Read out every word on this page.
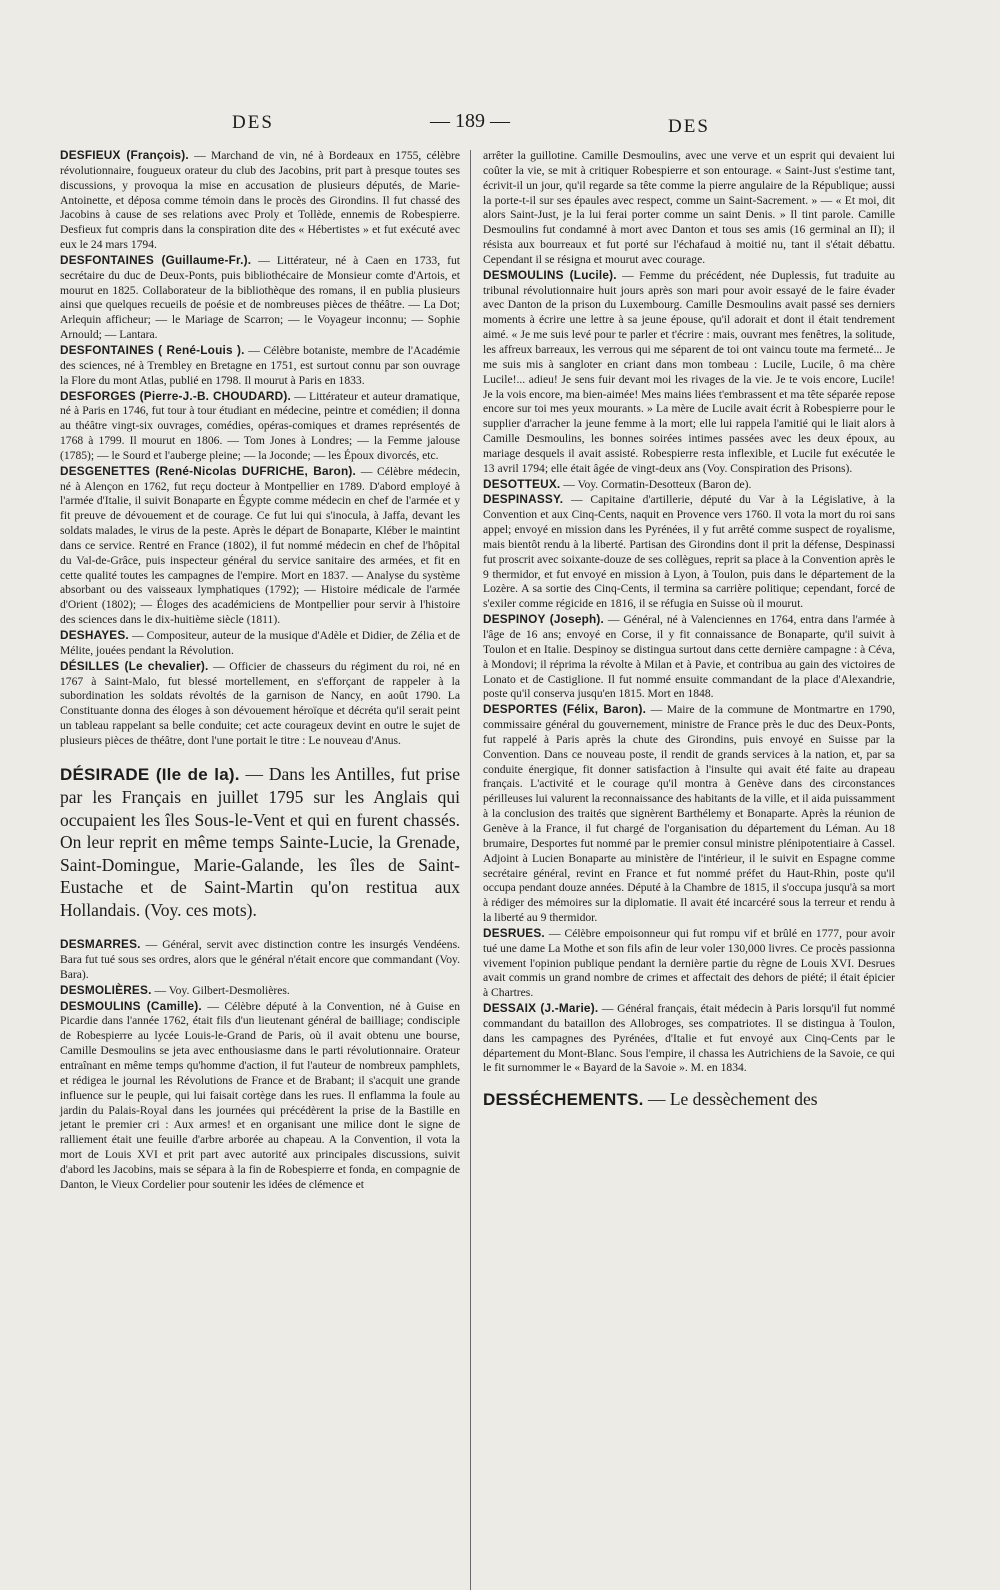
DES	— 189 —	DES

DESFIEUX (François). — Marchand de vin, né à Bordeaux en 1755, célèbre révolutionnaire, fougueux orateur du club des Jacobins, prit part à presque toutes ses discussions, y provoqua la mise en accusation de plusieurs députés, de Marie-Antoinette, et déposa comme témoin dans le procès des Girondins. Il fut chassé des Jacobins à cause de ses relations avec Proly et Tollède, ennemis de Robespierre. Desfieux fut compris dans la conspiration dite des « Hébertistes » et fut exécuté avec eux le 24 mars 1794.

DESFONTAINES (Guillaume-Fr.). — Littérateur, né à Caen en 1733, fut secrétaire du duc de Deux-Ponts, puis bibliothécaire de Monsieur comte d'Artois, et mourut en 1825. Collaborateur de la bibliothèque des romans, il en publia plusieurs ainsi que quelques recueils de poésie et de nombreuses pièces de théâtre. — La Dot; Arlequin afficheur; — le Mariage de Scarron; — le Voyageur inconnu; — Sophie Arnould; — Lantara.

DESFONTAINES ( René-Louis ). — Célèbre botaniste, membre de l'Académie des sciences, né à Trembley en Bretagne en 1751, est surtout connu par son ouvrage la Flore du mont Atlas, publié en 1798. Il mourut à Paris en 1833.

DESFORGES (Pierre-J.-B. CHOUDARD). — Littérateur et auteur dramatique, né à Paris en 1746, fut tour à tour étudiant en médecine, peintre et comédien; il donna au théâtre vingt-six ouvrages, comédies, opéras-comiques et drames représentés de 1768 à 1799. Il mourut en 1806. — Tom Jones à Londres; — la Femme jalouse (1785); — le Sourd et l'auberge pleine; — la Joconde; — les Époux divorcés, etc.

DESGENETTES (René-Nicolas DUFRICHE, Baron). — Célèbre médecin, né à Alençon en 1762, fut reçu docteur à Montpellier en 1789. D'abord employé à l'armée d'Italie, il suivit Bonaparte en Égypte comme médecin en chef de l'armée et y fit preuve de dévouement et de courage. Ce fut lui qui s'inocula, à Jaffa, devant les soldats malades, le virus de la peste. Après le départ de Bonaparte, Kléber le maintint dans ce service. Rentré en France (1802), il fut nommé médecin en chef de l'hôpital du Val-de-Grâce, puis inspecteur général du service sanitaire des armées, et fit en cette qualité toutes les campagnes de l'empire. Mort en 1837. — Analyse du système absorbant ou des vaisseaux lymphatiques (1792); — Histoire médicale de l'armée d'Orient (1802); — Éloges des académiciens de Montpellier pour servir à l'histoire des sciences dans le dix-huitième siècle (1811).

DESHAYES. — Compositeur, auteur de la musique d'Adèle et Didier, de Zélia et de Mélite, jouées pendant la Révolution.

DÉSILLES (Le chevalier). — Officier de chasseurs du régiment du roi, né en 1767 à Saint-Malo, fut blessé mortellement, en s'efforçant de rappeler à la subordination les soldats révoltés de la garnison de Nancy, en août 1790. La Constituante donna des éloges à son dévouement héroïque et décréta qu'il serait peint un tableau rappelant sa belle conduite; cet acte courageux devint en outre le sujet de plusieurs pièces de théâtre, dont l'une portait le titre : Le nouveau d'Anus.

DÉSIRADE (Ile de la). — Dans les Antilles, fut prise par les Français en juillet 1795 sur les Anglais qui occupaient les îles Sous-le-Vent et qui en furent chassés. On leur reprit en même temps Sainte-Lucie, la Grenade, Saint-Domingue, Marie-Galande, les îles de Saint-Eustache et de Saint-Martin qu'on restitua aux Hollandais. (Voy. ces mots).

DESMARRES. — Général, servit avec distinction contre les insurgés Vendéens. Bara fut tué sous ses ordres, alors que le général n'était encore que commandant (Voy. Bara).

DESMOLIÈRES. — Voy. Gilbert-Desmolières.

DESMOULINS (Camille). — Célèbre député à la Convention, né à Guise en Picardie dans l'année 1762, était fils d'un lieutenant général de bailliage; condisciple de Robespierre au lycée Louis-le-Grand de Paris, où il avait obtenu une bourse, Camille Desmoulins se jeta avec enthousiasme dans le parti révolutionnaire. Orateur entraînant en même temps qu'homme d'action, il fut l'auteur de nombreux pamphlets, et rédigea le journal les Révolutions de France et de Brabant; il s'acquit une grande influence sur le peuple, qui lui faisait cortège dans les rues. Il enflamma la foule au jardin du Palais-Royal dans les journées qui précédèrent la prise de la Bastille en jetant le premier cri : Aux armes! et en organisant une milice dont le signe de ralliement était une feuille d'arbre arborée au chapeau. A la Convention, il vota la mort de Louis XVI et prit part avec autorité aux principales discussions, suivit d'abord les Jacobins, mais se sépara à la fin de Robespierre et fonda, en compagnie de Danton, le Vieux Cordelier pour soutenir les idées de clémence et

arrêter la guillotine. Camille Desmoulins, avec une verve et un esprit qui devaient lui coûter la vie, se mit à critiquer Robespierre et son entourage. « Saint-Just s'estime tant, écrivit-il un jour, qu'il regarde sa tête comme la pierre angulaire de la République; aussi la porte-t-il sur ses épaules avec respect, comme un Saint-Sacrement. » — « Et moi, dit alors Saint-Just, je la lui ferai porter comme un saint Denis. » Il tint parole. Camille Desmoulins fut condamné à mort avec Danton et tous ses amis (16 germinal an II); il résista aux bourreaux et fut porté sur l'échafaud à moitié nu, tant il s'était débattu. Cependant il se résigna et mourut avec courage.

DESMOULINS (Lucile). — Femme du précédent, née Duplessis, fut traduite au tribunal révolutionnaire huit jours après son mari pour avoir essayé de le faire évader avec Danton de la prison du Luxembourg. Camille Desmoulins avait passé ses derniers moments à écrire une lettre à sa jeune épouse, qu'il adorait et dont il était tendrement aimé. « Je me suis levé pour te parler et t'écrire : mais, ouvrant mes fenêtres, la solitude, les affreux barreaux, les verrous qui me séparent de toi ont vaincu toute ma fermeté... Je me suis mis à sangloter en criant dans mon tombeau : Lucile, Lucile, ô ma chère Lucile!... adieu! Je sens fuir devant moi les rivages de la vie. Je te vois encore, Lucile! Je la vois encore, ma bien-aimée! Mes mains liées t'embrassent et ma tête séparée repose encore sur toi mes yeux mourants. » La mère de Lucile avait écrit à Robespierre pour le supplier d'arracher la jeune femme à la mort; elle lui rappela l'amitié qui le liait alors à Camille Desmoulins, les bonnes soirées intimes passées avec les deux époux, au mariage desquels il avait assisté. Robespierre resta inflexible, et Lucile fut exécutée le 13 avril 1794; elle était âgée de vingt-deux ans (Voy. Conspiration des Prisons).

DESOTTEUX. — Voy. Cormatin-Desotteux (Baron de).

DESPINASSY. — Capitaine d'artillerie, député du Var à la Législative, à la Convention et aux Cinq-Cents, naquit en Provence vers 1760. Il vota la mort du roi sans appel; envoyé en mission dans les Pyrénées, il y fut arrêté comme suspect de royalisme, mais bientôt rendu à la liberté. Partisan des Girondins dont il prit la défense, Despinassi fut proscrit avec soixante-douze de ses collègues, reprit sa place à la Convention après le 9 thermidor, et fut envoyé en mission à Lyon, à Toulon, puis dans le département de la Lozère. A sa sortie des Cinq-Cents, il termina sa carrière politique; cependant, forcé de s'exiler comme régicide en 1816, il se réfugia en Suisse où il mourut.

DESPINOY (Joseph). — Général, né à Valenciennes en 1764, entra dans l'armée à l'âge de 16 ans; envoyé en Corse, il y fit connaissance de Bonaparte, qu'il suivit à Toulon et en Italie. Despinoy se distingua surtout dans cette dernière campagne : à Céva, à Mondovi; il réprima la révolte à Milan et à Pavie, et contribua au gain des victoires de Lonato et de Castiglione. Il fut nommé ensuite commandant de la place d'Alexandrie, poste qu'il conserva jusqu'en 1815. Mort en 1848.

DESPORTES (Félix, Baron). — Maire de la commune de Montmartre en 1790, commissaire général du gouvernement, ministre de France près le duc des Deux-Ponts, fut rappelé à Paris après la chute des Girondins, puis envoyé en Suisse par la Convention. Dans ce nouveau poste, il rendit de grands services à la nation, et, par sa conduite énergique, fit donner satisfaction à l'insulte qui avait été faite au drapeau français. L'activité et le courage qu'il montra à Genève dans des circonstances périlleuses lui valurent la reconnaissance des habitants de la ville, et il aida puissamment à la conclusion des traités que signèrent Barthélemy et Bonaparte. Après la réunion de Genève à la France, il fut chargé de l'organisation du département du Léman. Au 18 brumaire, Desportes fut nommé par le premier consul ministre plénipotentiaire à Cassel. Adjoint à Lucien Bonaparte au ministère de l'intérieur, il le suivit en Espagne comme secrétaire général, revint en France et fut nommé préfet du Haut-Rhin, poste qu'il occupa pendant douze années. Député à la Chambre de 1815, il s'occupa jusqu'à sa mort à rédiger des mémoires sur la diplomatie. Il avait été incarcéré sous la terreur et rendu à la liberté au 9 thermidor.

DESRUES. — Célèbre empoisonneur qui fut rompu vif et brûlé en 1777, pour avoir tué une dame La Mothe et son fils afin de leur voler 130,000 livres. Ce procès passionna vivement l'opinion publique pendant la dernière partie du règne de Louis XVI. Desrues avait commis un grand nombre de crimes et affectait des dehors de piété; il était épicier à Chartres.

DESSAIX (J.-Marie). — Général français, était médecin à Paris lorsqu'il fut nommé commandant du bataillon des Allobroges, ses compatriotes. Il se distingua à Toulon, dans les campagnes des Pyrénées, d'Italie et fut envoyé aux Cinq-Cents par le département du Mont-Blanc. Sous l'empire, il chassa les Autrichiens de la Savoie, ce qui le fit surnommer le « Bayard de la Savoie ». M. en 1834.

DESSÉCHEMENTS. — Le dessèchement des
